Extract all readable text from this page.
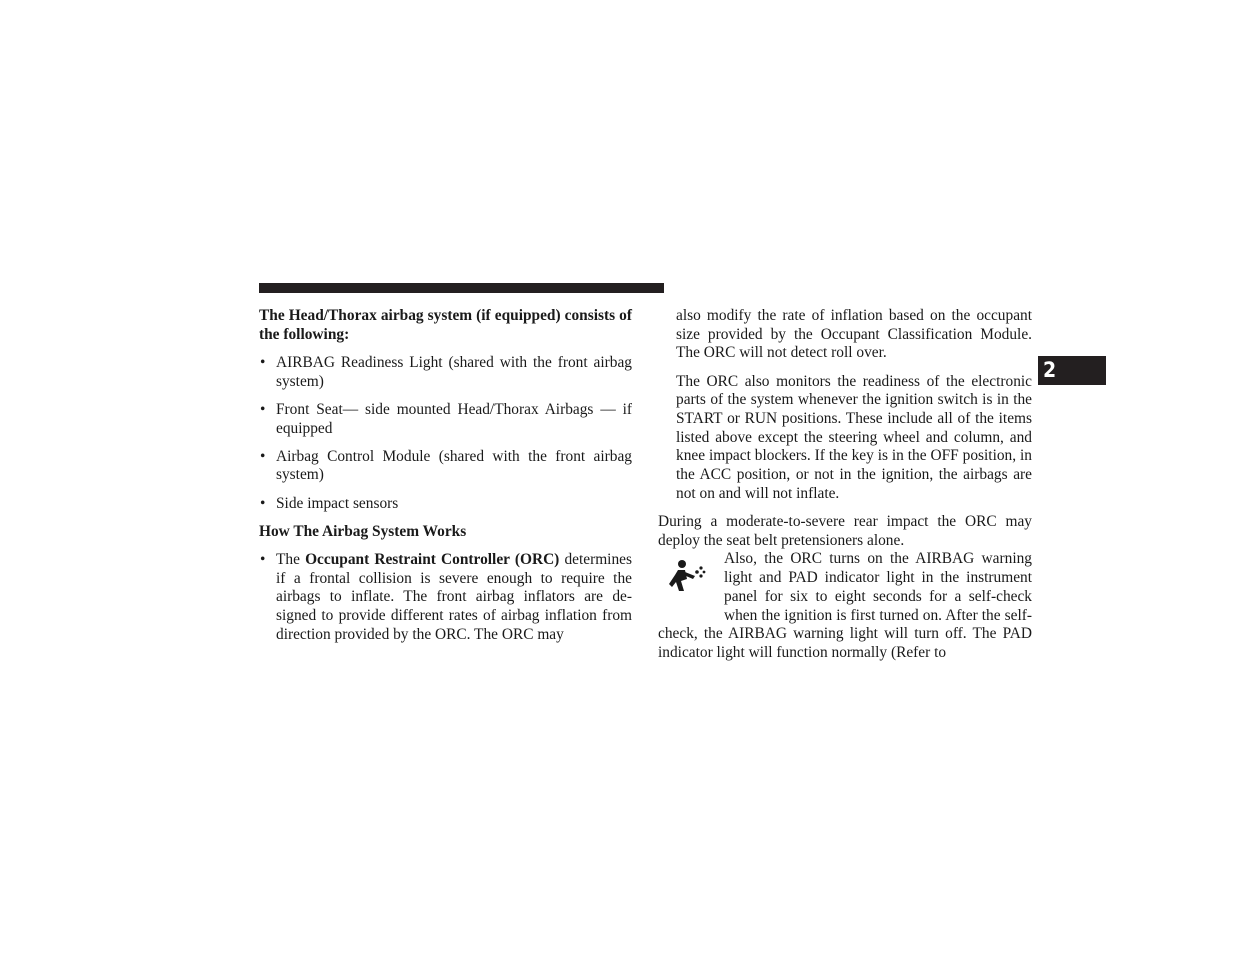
2

The Head/Thorax airbag system (if equipped) consists of the following:

• AIRBAG Readiness Light (shared with the front airbag system)

• Front Seat— side mounted Head/Thorax Airbags — if equipped

• Airbag Control Module (shared with the front airbag system)

• Side impact sensors

How The Airbag System Works

• The Occupant Restraint Controller (ORC) determines if a frontal collision is severe enough to require the airbags to inflate. The front airbag inflators are de- signed to provide different rates of airbag inflation from direction provided by the ORC. The ORC may

also modify the rate of inflation based on the occupant size provided by the Occupant Classification Module. The ORC will not detect roll over.

The ORC also monitors the readiness of the electronic parts of the system whenever the ignition switch is in the START or RUN positions. These include all of the items listed above except the steering wheel and column, and knee impact blockers. If the key is in the OFF position, in the ACC position, or not in the ignition, the airbags are not on and will not inflate.

During a moderate-to-severe rear impact the ORC may deploy the seat belt pretensioners alone.

Also, the ORC turns on the AIRBAG warning light and PAD indicator light in the instrument panel for six to eight seconds for a self-check when the ignition is first turned on. After the self-check, the AIRBAG warning light will turn off. The PAD indicator light will function normally (Refer to
